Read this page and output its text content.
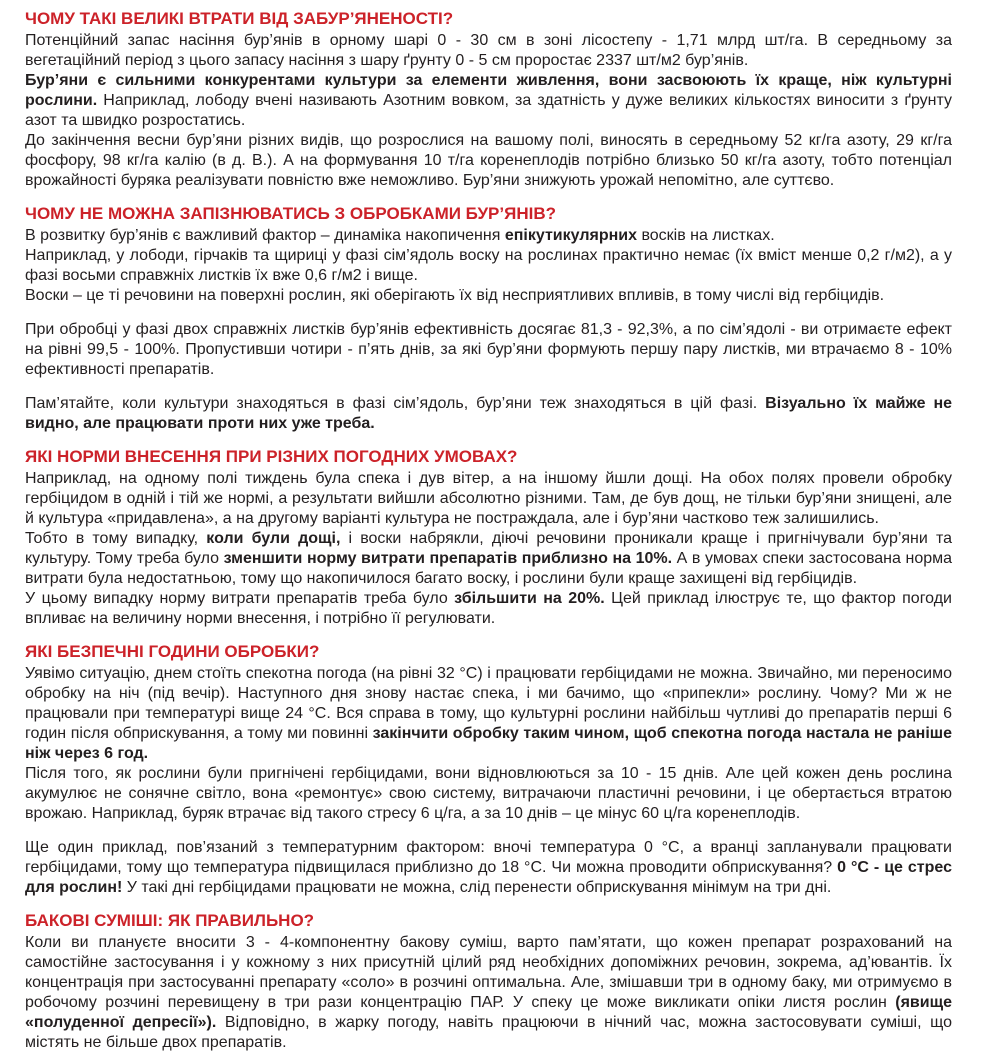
ЧОМУ ТАКІ ВЕЛИКІ ВТРАТИ ВІД ЗАБУР’ЯНЕНОСТІ?

Потенційний запас насіння бур’янів в орному шарі 0 - 30 см в зоні лісостепу - 1,71 млрд шт/га. В середньому за вегетаційний період з цього запасу насіння з шару ґрунту 0 - 5 см проростає 2337 шт/м2 бур’янів.

Бур’яни є сильними конкурентами культури за елементи живлення, вони засвоюють їх краще, ніж культурні рослини. Наприклад, лободу вчені називають Азотним вовком, за здатність у дуже великих кількостях виносити з ґрунту азот та швидко розростатись.

До закінчення весни бур’яни різних видів, що розрослися на вашому полі, виносять в середньому 52 кг/га азоту, 29 кг/га фосфору, 98 кг/га калію (в д. В.). А на формування 10 т/га коренеплодів потрібно близько 50 кг/га азоту, тобто потенціал врожайності буряка реалізувати повністю вже неможливо. Бур’яни знижують урожай непомітно, але суттєво.

ЧОМУ НЕ МОЖНА ЗАПІЗНЮВАТИСЬ З ОБРОБКАМИ БУР’ЯНІВ?

В розвитку бур’янів є важливий фактор – динаміка накопичення епікутикулярних восків на листках.

Наприклад, у лободи, гірчаків та щириці у фазі сім’ядоль воску на рослинах практично немає (їх вміст менше 0,2 г/м2), а у фазі восьми справжніх листків їх вже 0,6 г/м2 і вище.

Воски – це ті речовини на поверхні рослин, які оберігають їх від несприятливих впливів, в тому числі від гербіцидів.

При обробці у фазі двох справжніх листків бур’янів ефективність досягає 81,3 - 92,3%, а по сім’ядолі - ви отримаєте ефект на рівні 99,5 - 100%. Пропустивши чотири - п’ять днів, за які бур’яни формують першу пару листків, ми втрачаємо 8 - 10% ефективності препаратів.

Пам’ятайте, коли культури знаходяться в фазі сім’ядоль, бур’яни теж знаходяться в цій фазі. Візуально їх майже не видно, але працювати проти них уже треба.

ЯКІ НОРМИ ВНЕСЕННЯ ПРИ РІЗНИХ ПОГОДНИХ УМОВАХ?

Наприклад, на одному полі тиждень була спека і дув вітер, а на іншому йшли дощі. На обох полях провели обробку гербіцидом в одній і тій же нормі, а результати вийшли абсолютно різними. Там, де був дощ, не тільки бур’яни знищені, але й культура «придавлена», а на другому варіанті культура не постраждала, але і бур’яни частково теж залишились.

Тобто в тому випадку, коли були дощі, і воски набрякли, діючі речовини проникали краще і пригнічували бур’яни та культуру. Тому треба було зменшити норму витрати препаратів приблизно на 10%. А в умовах спеки застосована норма витрати була недостатньою, тому що накопичилося багато воску, і рослини були краще захищені від гербіцидів.

У цьому випадку норму витрати препаратів треба було збільшити на 20%. Цей приклад ілюструє те, що фактор погоди впливає на величину норми внесення, і потрібно її регулювати.

ЯКІ БЕЗПЕЧНІ ГОДИНИ ОБРОБКИ?

Уявімо ситуацію, днем стоїть спекотна погода (на рівні 32 °С) і працювати гербіцидами не можна. Звичайно, ми переносимо обробку на ніч (під вечір). Наступного дня знову настає спека, і ми бачимо, що «припекли» рослину. Чому? Ми ж не працювали при температурі вище 24 °С. Вся справа в тому, що культурні рослини найбільш чутливі до препаратів перші 6 годин після обприскування, а тому ми повинні закінчити обробку таким чином, щоб спекотна погода настала не раніше ніж через 6 год.

Після того, як рослини були пригнічені гербіцидами, вони відновлюються за 10 - 15 днів. Але цей кожен день рослина акумулює не сонячне світло, вона «ремонтує» свою систему, витрачаючи пластичні речовини, і це обертається втратою врожаю. Наприклад, буряк втрачає від такого стресу 6 ц/га, а за 10 днів – це мінус 60 ц/га коренеплодів.

Ще один приклад, пов’язаний з температурним фактором: вночі температура 0 °С, а вранці запланували працювати гербіцидами, тому що температура підвищилася приблизно до 18 °С. Чи можна проводити обприскування? 0 °С - це стрес для рослин! У такі дні гербіцидами працювати не можна, слід перенести обприскування мінімум на три дні.

БАКОВІ СУМІШІ: ЯК ПРАВИЛЬНО?

Коли ви плануєте вносити 3 - 4-компонентну бакову суміш, варто пам’ятати, що кожен препарат розрахований на самостійне застосування і у кожному з них присутній цілий ряд необхідних допоміжних речовин, зокрема, ад’ювантів. Їх концентрація при застосуванні препарату «соло» в розчині оптимальна. Але, змішавши три в одному баку, ми отримуємо в робочому розчині перевищену в три рази концентрацію ПАР. У спеку це може викликати опіки листя рослин (явище «полуденної депресії»). Відповідно, в жарку погоду, навіть працюючи в нічний час, можна застосовувати суміші, що містять не більше двох препаратів.
